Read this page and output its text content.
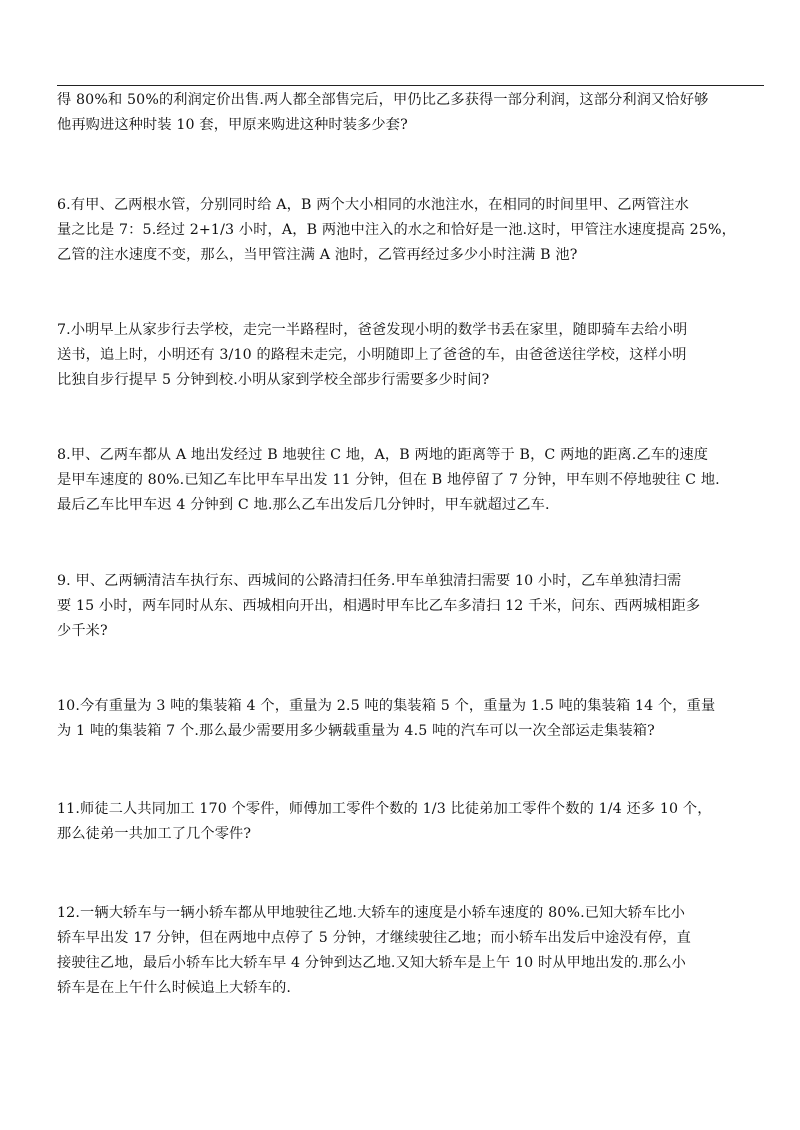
得 80%和 50%的利润定价出售.两人都全部售完后，甲仍比乙多获得一部分利润，这部分利润又恰好够
他再购进这种时装 10 套，甲原来购进这种时装多少套?
6.有甲、乙两根水管，分别同时给 A，B 两个大小相同的水池注水，在相同的时间里甲、乙两管注水
量之比是 7：5.经过 2+1/3 小时，A，B 两池中注入的水之和恰好是一池.这时，甲管注水速度提高 25%，
乙管的注水速度不变，那么，当甲管注满 A 池时，乙管再经过多少小时注满 B 池?
7.小明早上从家步行去学校，走完一半路程时，爸爸发现小明的数学书丢在家里，随即骑车去给小明
送书，追上时，小明还有 3/10 的路程未走完，小明随即上了爸爸的车，由爸爸送往学校，这样小明
比独自步行提早 5 分钟到校.小明从家到学校全部步行需要多少时间?
8.甲、乙两车都从 A 地出发经过 B 地驶往 C 地，A，B 两地的距离等于 B，C 两地的距离.乙车的速度
是甲车速度的 80%.已知乙车比甲车早出发 11 分钟，但在 B 地停留了 7 分钟，甲车则不停地驶往 C 地.
最后乙车比甲车迟 4 分钟到 C 地.那么乙车出发后几分钟时，甲车就超过乙车.
9. 甲、乙两辆清洁车执行东、西城间的公路清扫任务.甲车单独清扫需要 10 小时，乙车单独清扫需
要 15 小时，两车同时从东、西城相向开出，相遇时甲车比乙车多清扫 12 千米，问东、西两城相距多
少千米?
10.今有重量为 3 吨的集装箱 4 个，重量为 2.5 吨的集装箱 5 个，重量为 1.5 吨的集装箱 14 个，重量
为 1 吨的集装箱 7 个.那么最少需要用多少辆载重量为 4.5 吨的汽车可以一次全部运走集装箱?
11.师徒二人共同加工 170 个零件，师傅加工零件个数的 1/3 比徒弟加工零件个数的 1/4 还多 10 个，
那么徒弟一共加工了几个零件?
12.一辆大轿车与一辆小轿车都从甲地驶往乙地.大轿车的速度是小轿车速度的 80%.已知大轿车比小
轿车早出发 17 分钟，但在两地中点停了 5 分钟，才继续驶往乙地；而小轿车出发后中途没有停，直
接驶往乙地，最后小轿车比大轿车早 4 分钟到达乙地.又知大轿车是上午 10 时从甲地出发的.那么小
轿车是在上午什么时候追上大轿车的.
